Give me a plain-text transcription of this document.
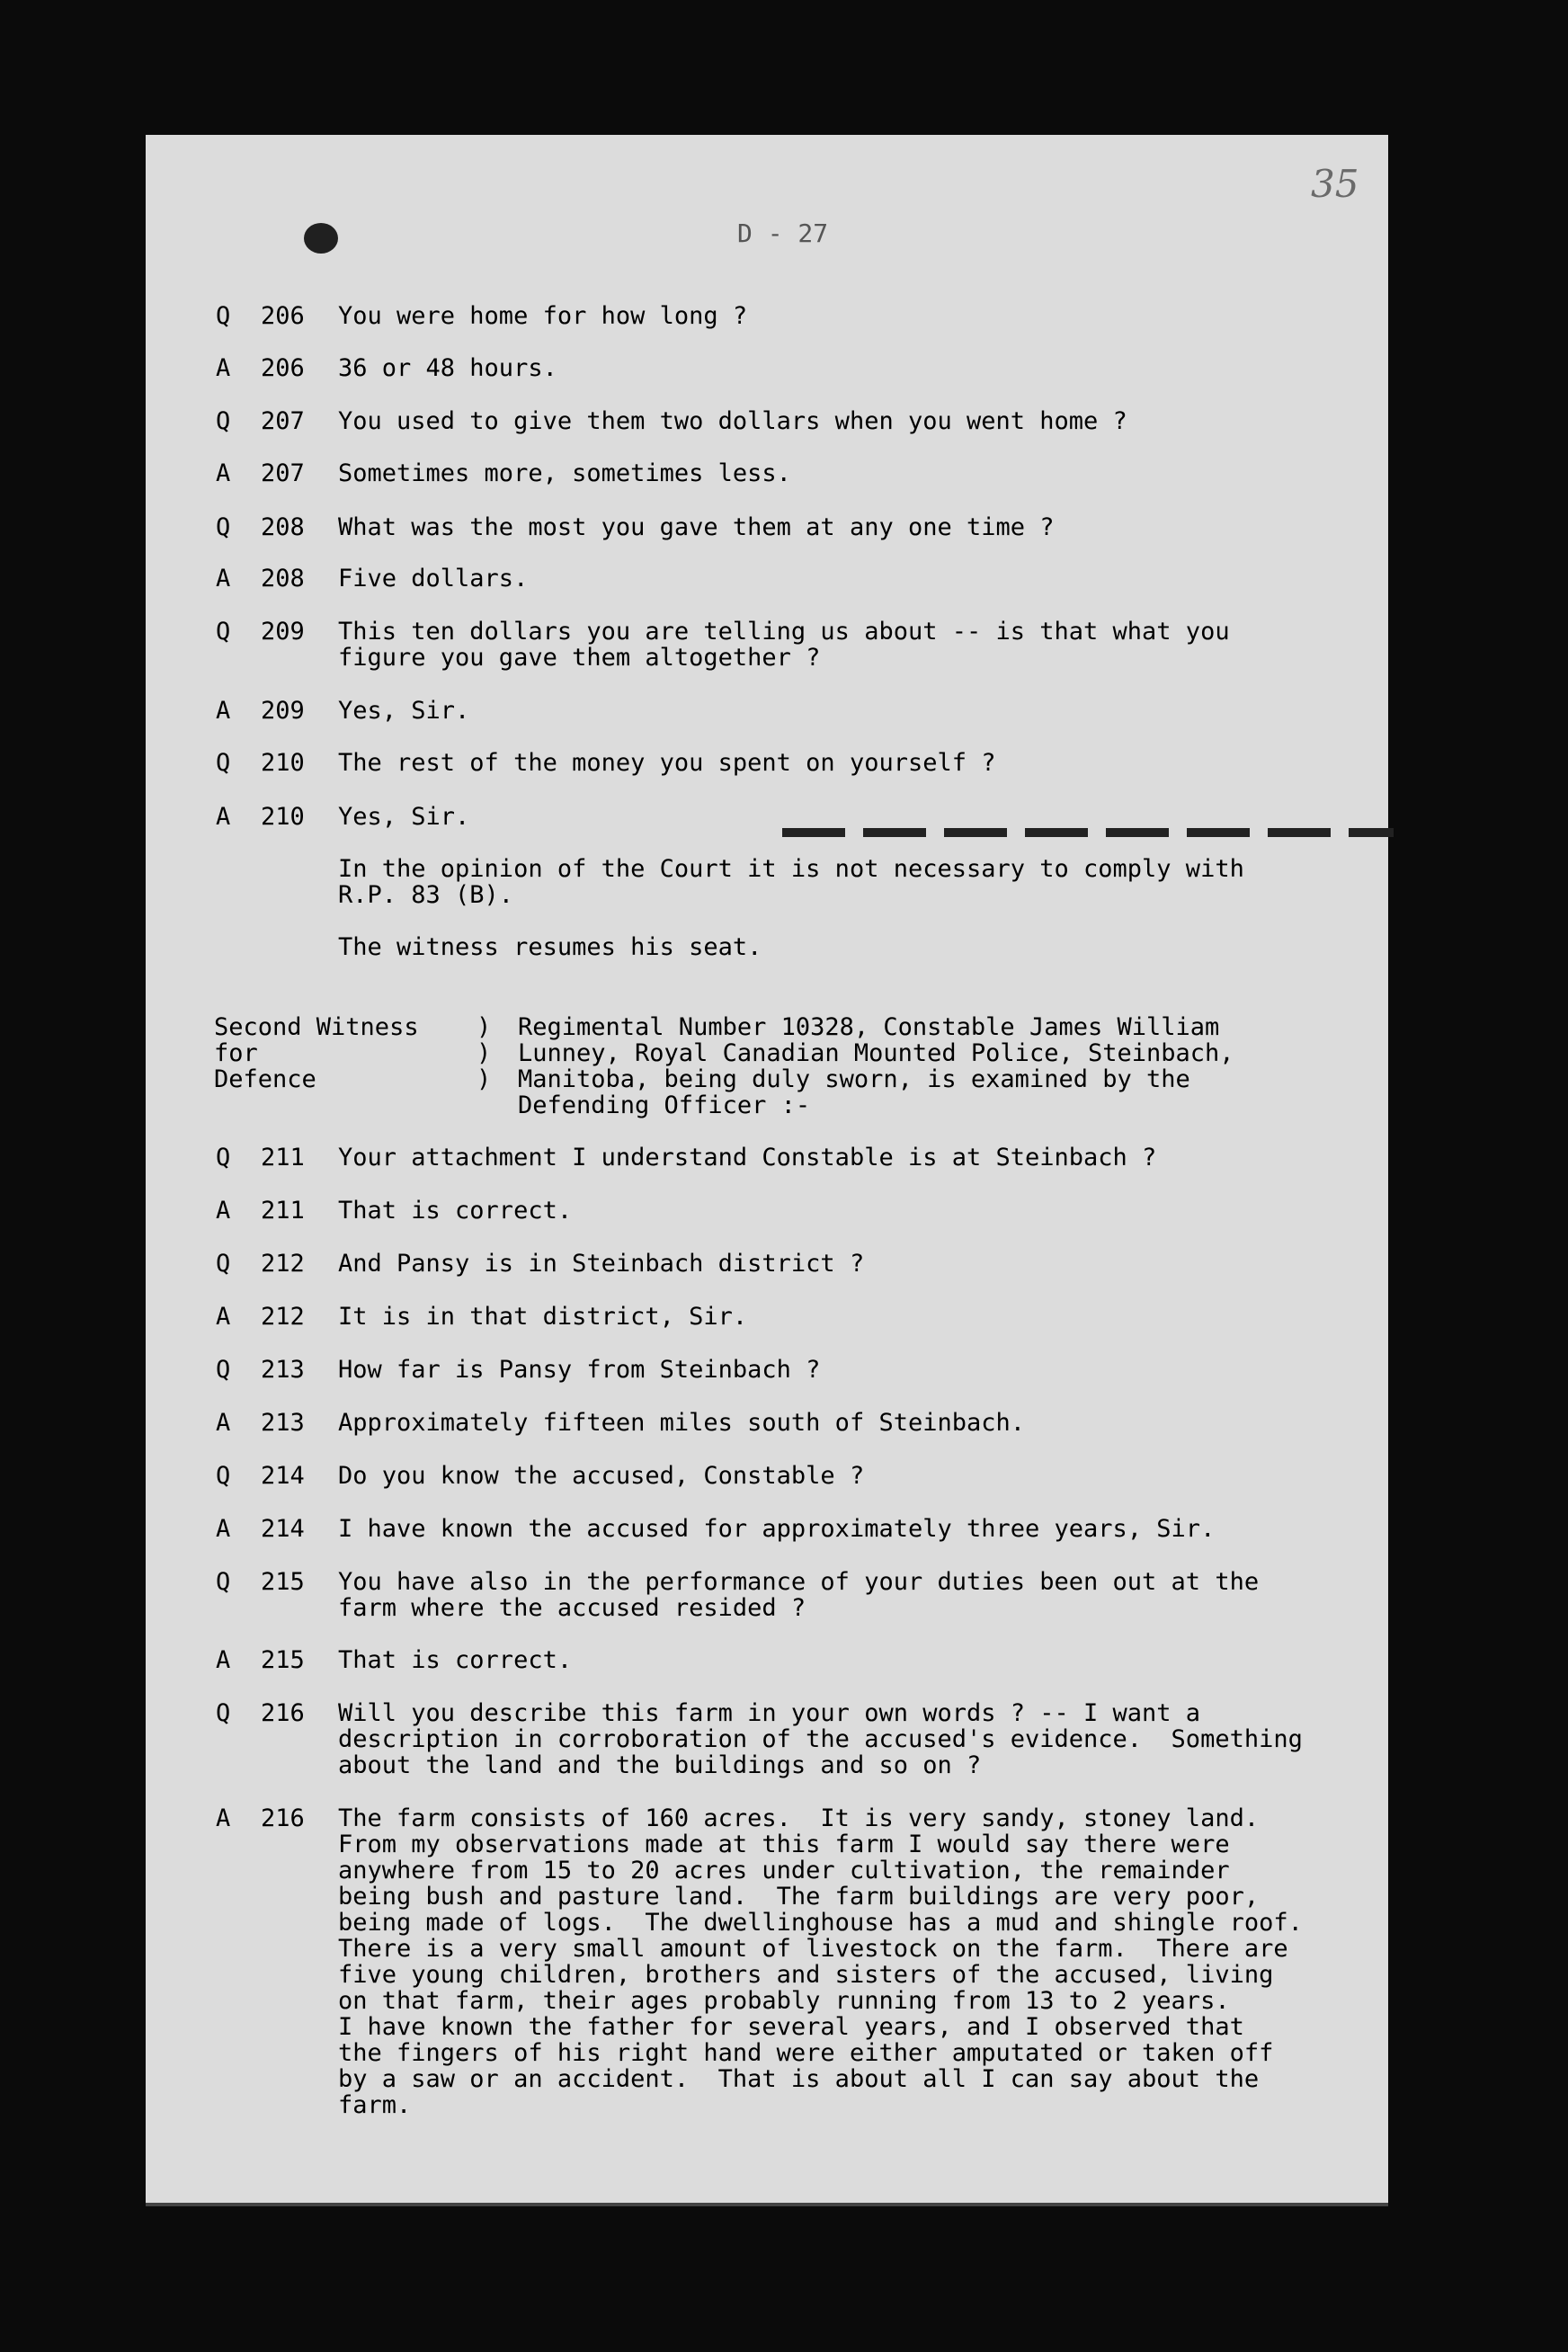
35
D - 27
Q 206 You were home for how long ?
A 206 36 or 48 hours.
Q 207 You used to give them two dollars when you went home ?
A 207 Sometimes more, sometimes less.
Q 208 What was the most you gave them at any one time ?
A 208 Five dollars.
Q 209 This ten dollars you are telling us about -- is that what you
figure you gave them altogether ?
A 209 Yes, Sir.
Q 210 The rest of the money you spent on yourself ?
A 210 Yes, Sir.
In the opinion of the Court it is not necessary to comply with
R.P. 83 (B).
The witness resumes his seat.
Second Witness
for
Defence
)
)
)
Regimental Number 10328, Constable James William
Lunney, Royal Canadian Mounted Police, Steinbach,
Manitoba, being duly sworn, is examined by the
Defending Officer :-
Q 211 Your attachment I understand Constable is at Steinbach ?
A 211 That is correct.
Q 212 And Pansy is in Steinbach district ?
A 212 It is in that district, Sir.
Q 213 How far is Pansy from Steinbach ?
A 213 Approximately fifteen miles south of Steinbach.
Q 214 Do you know the accused, Constable ?
A 214 I have known the accused for approximately three years, Sir.
Q 215 You have also in the performance of your duties been out at the
farm where the accused resided ?
A 215 That is correct.
Q 216 Will you describe this farm in your own words ? -- I want a
description in corroboration of the accused's evidence.  Something
about the land and the buildings and so on ?
A 216 The farm consists of 160 acres.  It is very sandy, stoney land.
From my observations made at this farm I would say there were
anywhere from 15 to 20 acres under cultivation, the remainder
being bush and pasture land.  The farm buildings are very poor,
being made of logs.  The dwellinghouse has a mud and shingle roof.
There is a very small amount of livestock on the farm.  There are
five young children, brothers and sisters of the accused, living
on that farm, their ages probably running from 13 to 2 years.
I have known the father for several years, and I observed that
the fingers of his right hand were either amputated or taken off
by a saw or an accident.  That is about all I can say about the
farm.
